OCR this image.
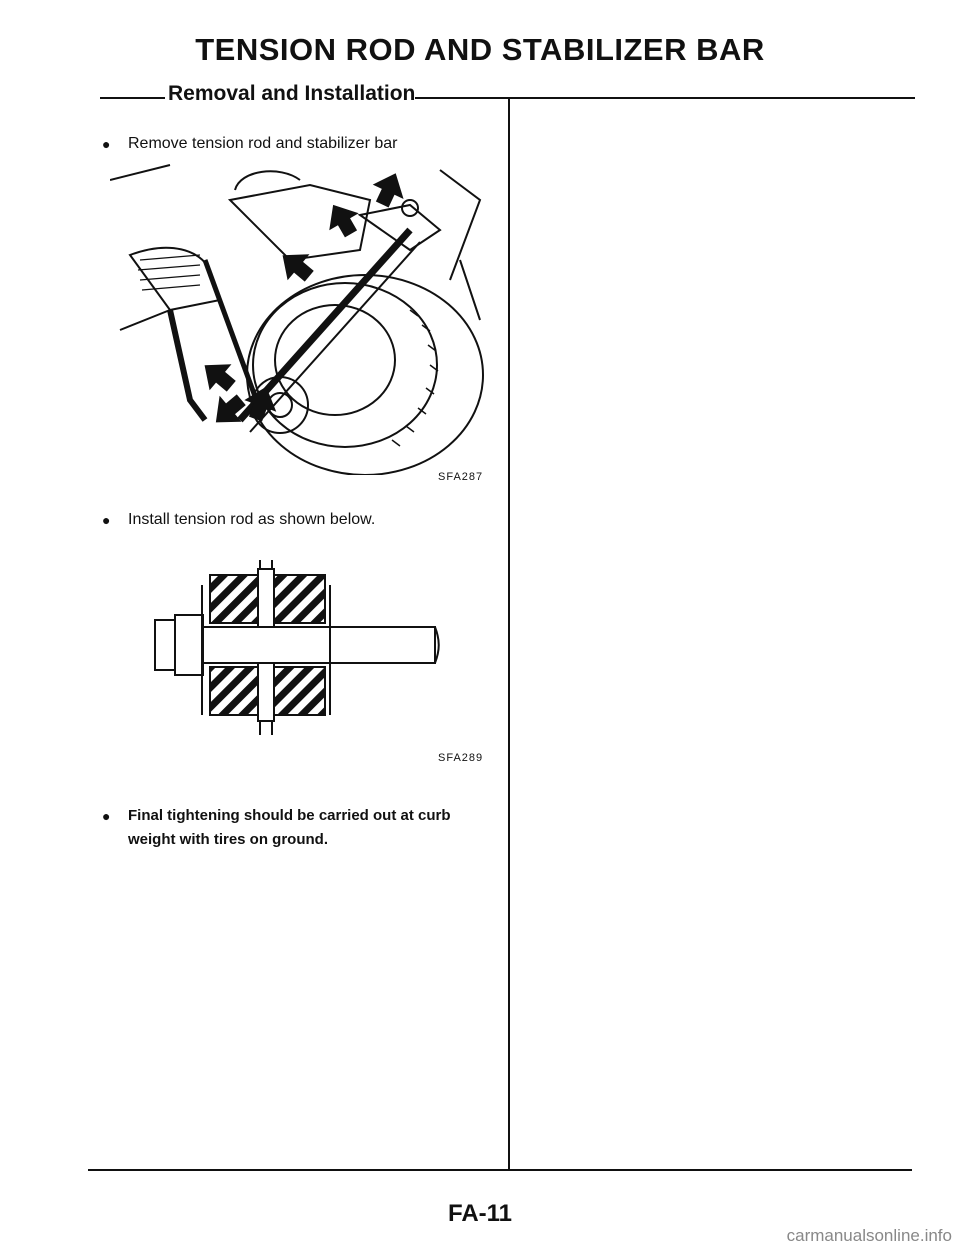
TENSION ROD AND STABILIZER BAR
Removal and Installation
● Remove tension rod and stabilizer bar
SFA287
● Install tension rod as shown below.
SFA289
● Final tightening should be carried out at curb weight with tires on ground.
FA-11
carmanualsonline.info
